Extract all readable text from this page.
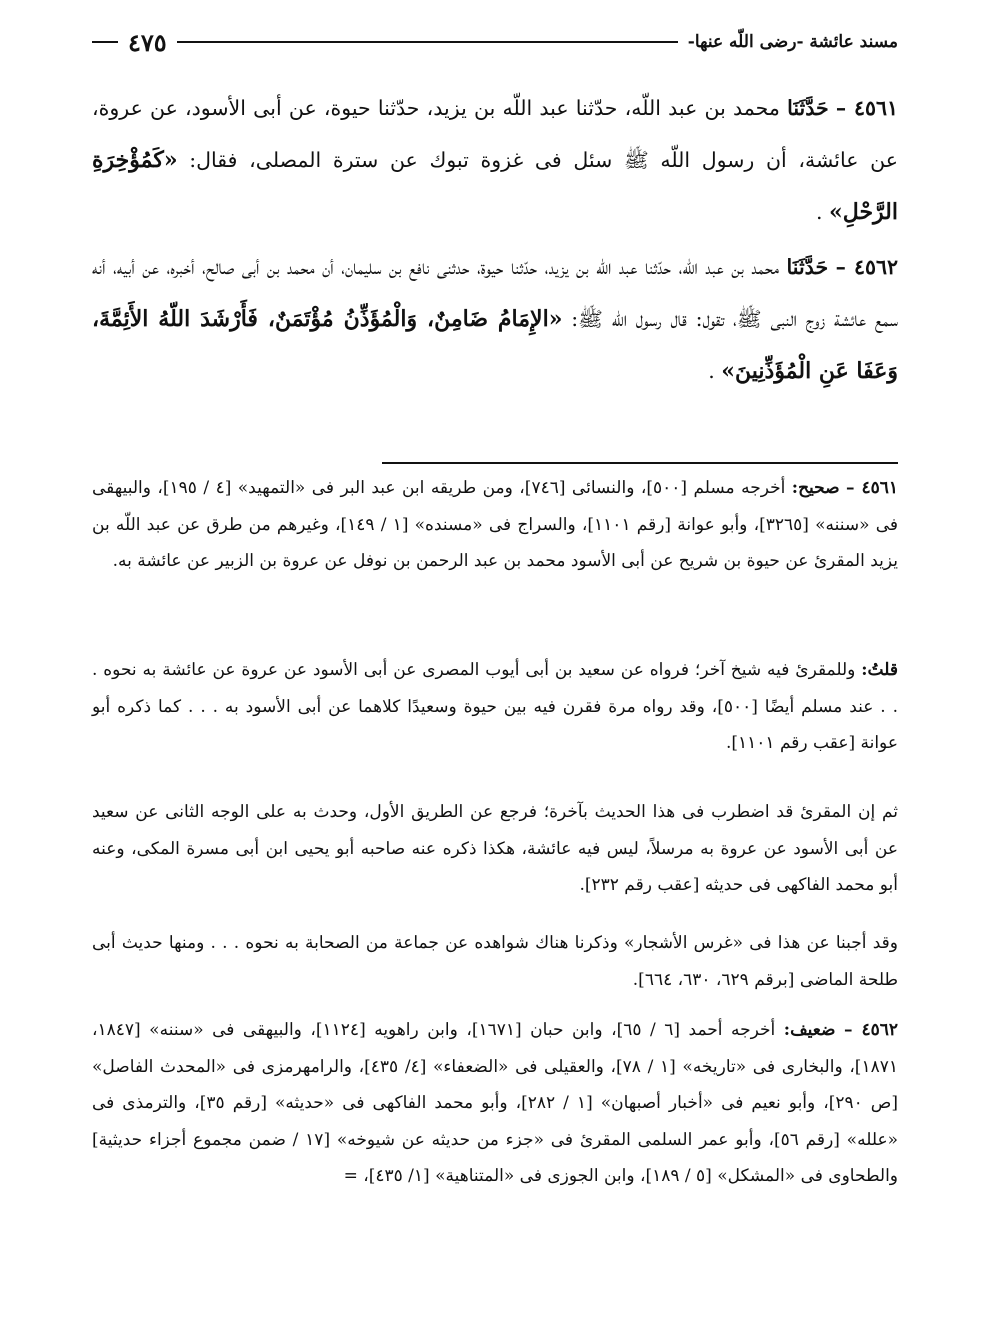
مسند عائشة -رضى اللّه عنها-
٤٧٥
٤٥٦١ – حَدَّثَنَا محمد بن عبد اللّه، حدّثنا عبد اللّه بن يزيد، حدّثنا حيوة، عن أبى الأسود، عن عروة، عن عائشة، أن رسول اللّه ﷺ سئل فى غزوة تبوك عن سترة المصلى، فقال: «كَمُؤْخِرَةِ الرَّحْلِ» .
٤٥٦٢ – حَدَّثَنَا محمد بن عبد اللّه، حدّثنا عبد اللّه بن يزيد، حدّثنا حيوة، حدثنى نافع بن سليمان، أن محمد بن أبى صالح، أخبره، عن أبيه، أنه سمع عائشة زوج النبى ﷺ، تقول: قال رسول اللّه ﷺ: «الإِمَامُ ضَامِنٌ، وَالْمُؤَذِّنُ مُؤْتَمَنٌ، فَأَرْشَدَ اللّهُ الأَئِمَّةَ، وَعَفَا عَنِ الْمُؤَذِّنِينَ» .
٤٥٦١ – صحيح: أخرجه مسلم [٥٠٠]، والنسائى [٧٤٦]، ومن طريقه ابن عبد البر فى «التمهيد» [٤ / ١٩٥]، والبيهقى فى «سننه» [٣٢٦٥]، وأبو عوانة [رقم ١١٠١]، والسراج فى «مسنده» [١ / ١٤٩]، وغيرهم من طرق عن عبد اللّه بن يزيد المقرئ عن حيوة بن شريح عن أبى الأسود محمد بن عبد الرحمن بن نوفل عن عروة بن الزبير عن عائشة به.
قلتُ: وللمقرئ فيه شيخ آخر؛ فرواه عن سعيد بن أبى أيوب المصرى عن أبى الأسود عن عروة عن عائشة به نحوه . . . عند مسلم أيضًا [٥٠٠]، وقد رواه مرة فقرن فيه بين حيوة وسعيدًا كلاهما عن أبى الأسود به . . . كما ذكره أبو عوانة [عقب رقم ١١٠١].
ثم إن المقرئ قد اضطرب فى هذا الحديث بآخرة؛ فرجع عن الطريق الأول، وحدث به على الوجه الثانى عن سعيد عن أبى الأسود عن عروة به مرسلاً، ليس فيه عائشة، هكذا ذكره عنه صاحبه أبو يحيى ابن أبى مسرة المكى، وعنه أبو محمد الفاكهى فى حديثه [عقب رقم ٢٣٢].
وقد أجبنا عن هذا فى «غرس الأشجار» وذكرنا هناك شواهده عن جماعة من الصحابة به نحوه . . . ومنها حديث أبى طلحة الماضى [برقم ٦٢٩، ٦٣٠، ٦٦٤].
٤٥٦٢ – ضعيف: أخرجه أحمد [٦ / ٦٥]، وابن حبان [١٦٧١]، وابن راهويه [١١٢٤]، والبيهقى فى «سننه» [١٨٤٧، ١٨٧١]، والبخارى فى «تاريخه» [١ / ٧٨]، والعقيلى فى «الضعفاء» [٤/ ٤٣٥]، والرامهرمزى فى «المحدث الفاصل» [ص ٢٩٠]، وأبو نعيم فى «أخبار أصبهان» [١ / ٢٨٢]، وأبو محمد الفاكهى فى «حديثه» [رقم ٣٥]، والترمذى فى «علله» [رقم ٥٦]، وأبو عمر السلمى المقرئ فى «جزء من حديثه عن شيوخه» [١٧ / ضمن مجموع أجزاء حديثية] والطحاوى فى «المشكل» [٥ / ١٨٩]، وابن الجوزى فى «المتناهية» [١/ ٤٣٥]، =
